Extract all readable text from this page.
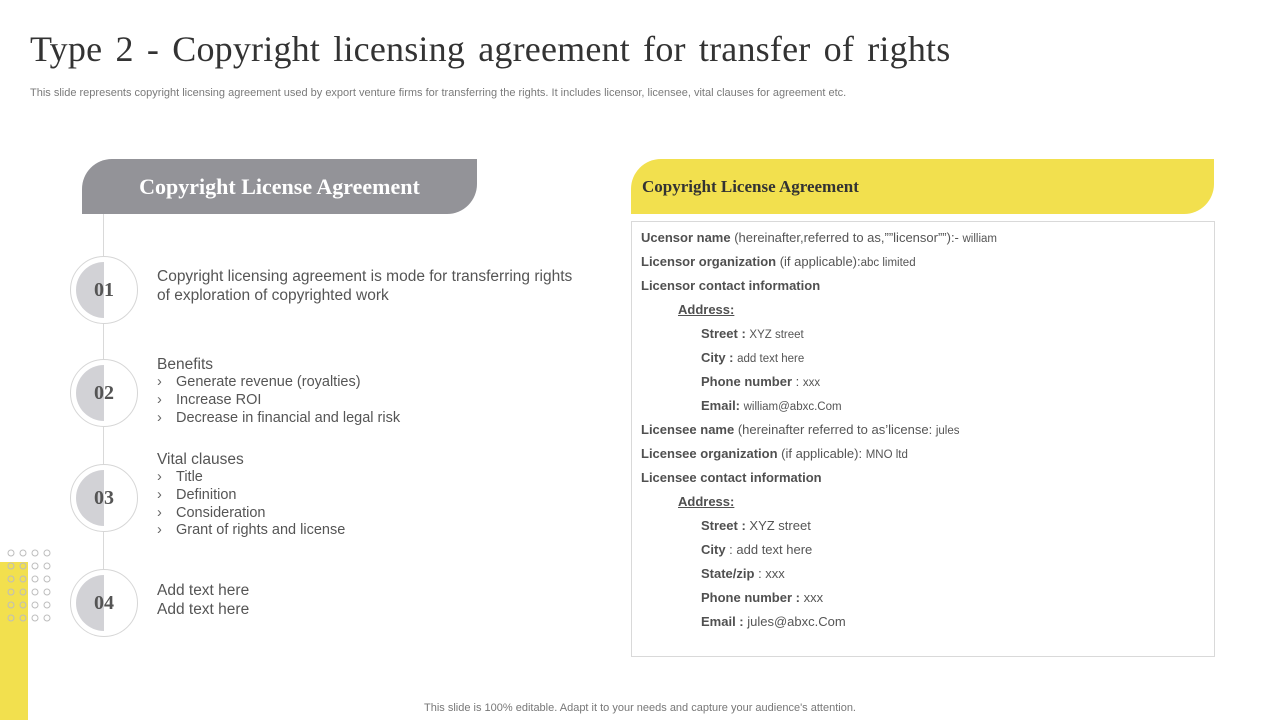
Type 2 - Copyright licensing agreement for transfer of rights
This slide represents copyright licensing agreement used by export venture firms for transferring the rights. It includes licensor, licensee, vital clauses for agreement etc.
Copyright License Agreement
01
Copyright licensing agreement is mode for transferring rights
of exploration of copyrighted work
02
Benefits
› Generate revenue (royalties)
› Increase ROI
› Decrease in financial and legal risk
03
Vital clauses
› Title
› Definition
› Consideration
› Grant of rights and license
04
Add text here
Add text here
Copyright License Agreement
Ucensor name (hereinafter,referred to as,””licensor””):- william
Licensor organization (if applicable):abc limited
Licensor contact information
Address:
Street : XYZ street
City : add text here
Phone number : xxx
Email: william@abxc.Com
Licensee name (hereinafter referred to as’license: jules
Licensee organization (if applicable): MNO ltd
Licensee contact information
Address:
Street : XYZ street
City : add text here
State/zip : xxx
Phone number : xxx
Email : jules@abxc.Com
This slide is 100% editable. Adapt it to your needs and capture your audience's attention.
